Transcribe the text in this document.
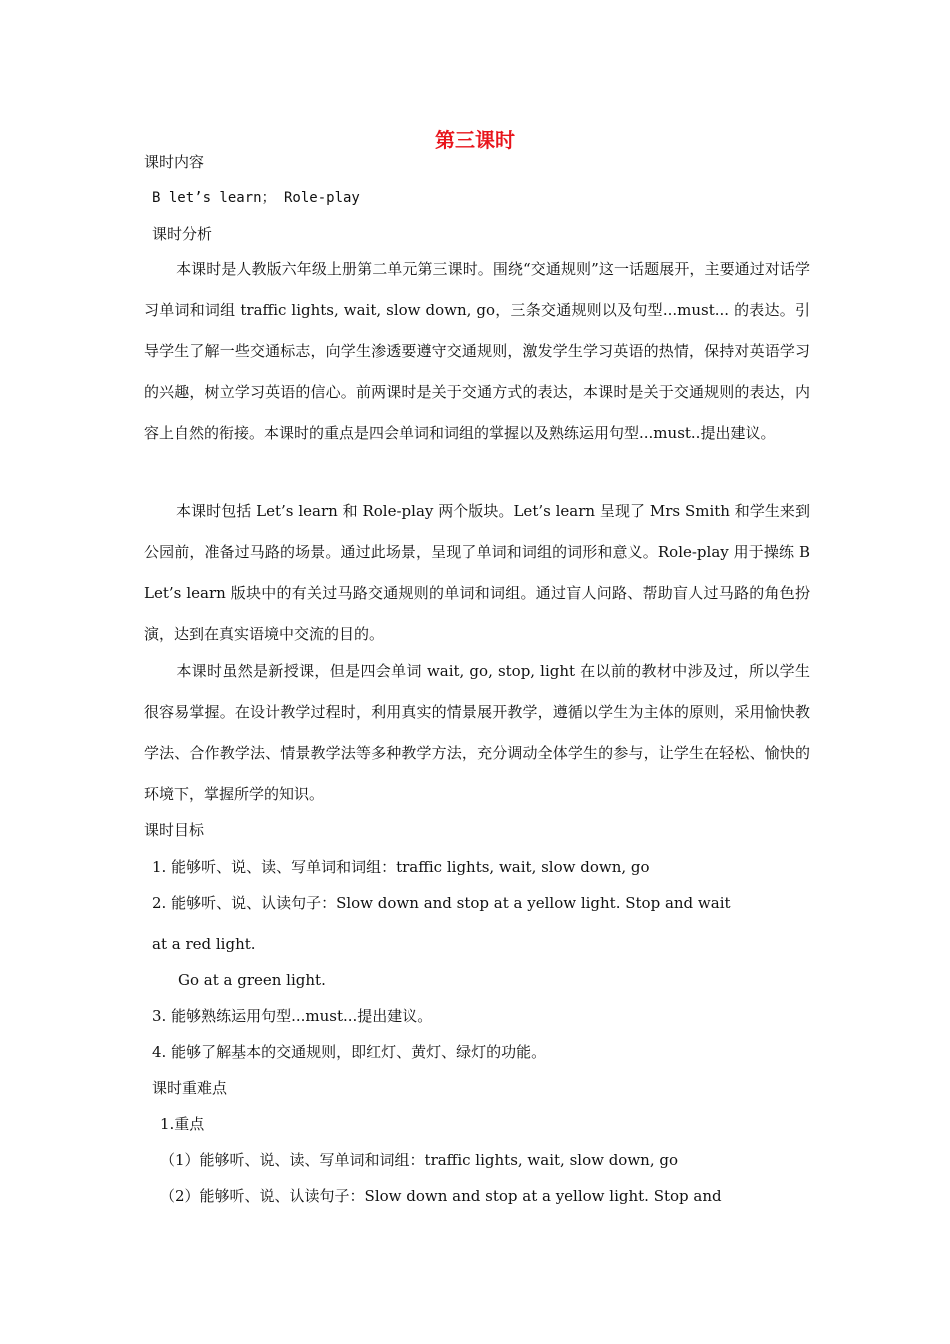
第三课时
课时内容
B let’s learn； Role-play
课时分析

本课时是人教版六年级上册第二单元第三课时。围绕“交通规则”这一话题展开，主要通过对话学习单词和词组 traffic lights, wait, slow down, go，三条交通规则以及句型...must... 的表达。引导学生了解一些交通标志，向学生渗透要遵守交通规则，激发学生学习英语的热情，保持对英语学习的兴趣，树立学习英语的信心。前两课时是关于交通方式的表达，本课时是关于交通规则的表达，内容上自然的衔接。本课时的重点是四会单词和词组的掌握以及熟练运用句型...must..提出建议。

本课时包括 Let’s learn 和 Role-play 两个版块。Let’s learn 呈现了 Mrs Smith 和学生来到公园前，准备过马路的场景。通过此场景，呈现了单词和词组的词形和意义。Role-play 用于操练 B Let’s learn 版块中的有关过马路交通规则的单词和词组。通过盲人问路、帮助盲人过马路的角色扮演，达到在真实语境中交流的目的。

本课时虽然是新授课，但是四会单词 wait, go, stop, light 在以前的教材中涉及过，所以学生很容易掌握。在设计教学过程时，利用真实的情景展开教学，遵循以学生为主体的原则，采用愉快教学法、合作教学法、情景教学法等多种教学方法，充分调动全体学生的参与，让学生在轻松、愉快的环境下，掌握所学的知识。

课时目标
1. 能够听、说、读、写单词和词组：traffic lights, wait, slow down, go
2. 能够听、说、认读句子：Slow down and stop at a yellow light. Stop and wait
at a red light.
Go at a green light.
3. 能够熟练运用句型...must...提出建议。
4. 能够了解基本的交通规则，即红灯、黄灯、绿灯的功能。
课时重难点
1.重点
（1）能够听、说、读、写单词和词组：traffic lights, wait, slow down, go
（2）能够听、说、认读句子：Slow down and stop at a yellow light. Stop and
